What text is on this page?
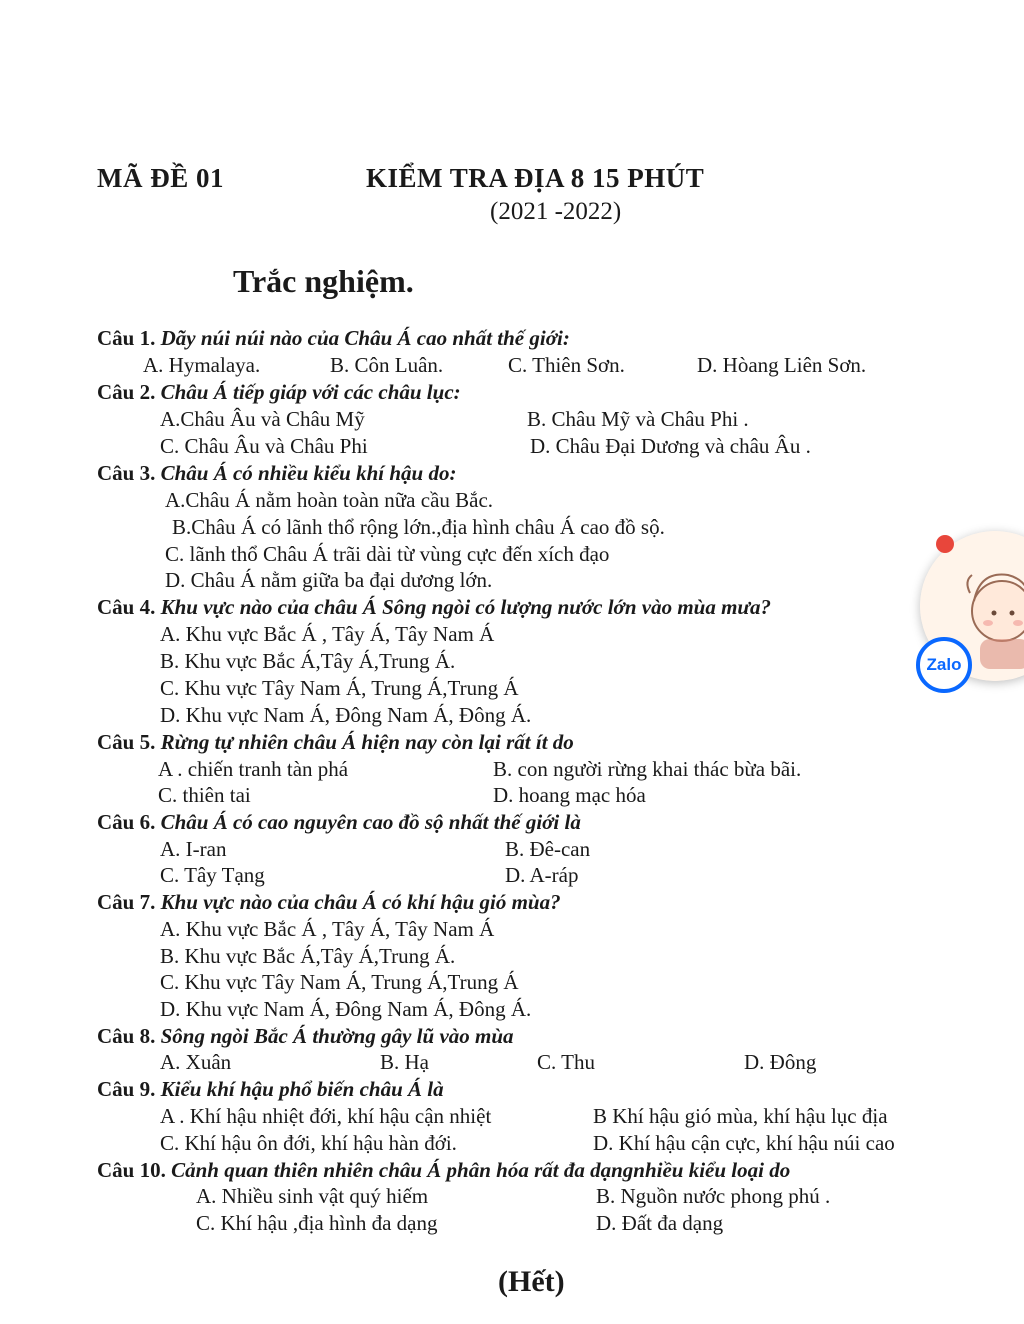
MÃ ĐỀ 01	KIỂM TRA ĐỊA 8 15 PHÚT
(2021 -2022)
Trắc nghiệm.
Câu 1. Dãy núi núi nào của Châu Á cao nhất thế giới:
A. Hymalaya.	B. Côn Luân.	C. Thiên Sơn.	D. Hòang Liên Sơn.
Câu 2. Châu Á tiếp giáp với các châu lục:
A.Châu Âu và Châu Mỹ	B. Châu Mỹ và Châu Phi .
C. Châu Âu và Châu Phi	D. Châu Đại Dương và châu Âu .
Câu 3. Châu Á có nhiều kiểu khí hậu do:
A.Châu Á nằm hoàn toàn nữa cầu Bắc.
B.Châu Á có lãnh thổ rộng lớn.,địa hình châu Á cao đồ sộ.
C. lãnh thổ Châu Á trãi dài từ vùng cực đến xích đạo
D. Châu Á nằm giữa ba đại dương lớn.
Câu 4. Khu vực nào của châu Á Sông ngòi có lượng nước lớn vào mùa mưa?
A. Khu vực Bắc Á , Tây Á, Tây Nam Á
B. Khu vực Bắc Á,Tây Á,Trung Á.
C. Khu vực Tây Nam Á, Trung Á,Trung Á
D. Khu vực Nam Á, Đông Nam Á, Đông Á.
Câu 5. Rừng tự nhiên châu Á hiện nay còn lại rất ít do
A . chiến tranh tàn phá	B. con người rừng khai thác bừa bãi.
C. thiên tai	D. hoang mạc hóa
Câu 6. Châu Á có cao nguyên cao đồ sộ nhất thế giới là
A. I-ran	B. Đê-can
C. Tây Tạng	D. A-ráp
Câu 7. Khu vực nào của châu Á có khí hậu gió mùa?
A. Khu vực Bắc Á , Tây Á, Tây Nam Á
B. Khu vực Bắc Á,Tây Á,Trung Á.
C. Khu vực Tây Nam Á, Trung Á,Trung Á
D. Khu vực Nam Á, Đông Nam Á, Đông Á.
Câu 8. Sông ngòi Bắc Á thường gây lũ vào mùa
A. Xuân	B. Hạ	C. Thu	D. Đông
Câu 9. Kiểu khí hậu phổ biến châu Á là
A . Khí hậu nhiệt đới, khí hậu cận nhiệt	B Khí hậu gió mùa, khí hậu lục địa
C. Khí hậu ôn đới, khí hậu hàn đới.	D. Khí hậu cận cực, khí hậu núi cao
Câu 10. Cảnh quan thiên nhiên châu Á phân hóa rất đa dạngnhiều kiểu loại do
A. Nhiều sinh vật quý hiếm	B. Nguồn nước phong phú .
C. Khí hậu ,địa hình đa dạng	D. Đất đa dạng
(Hết)
Zalo
